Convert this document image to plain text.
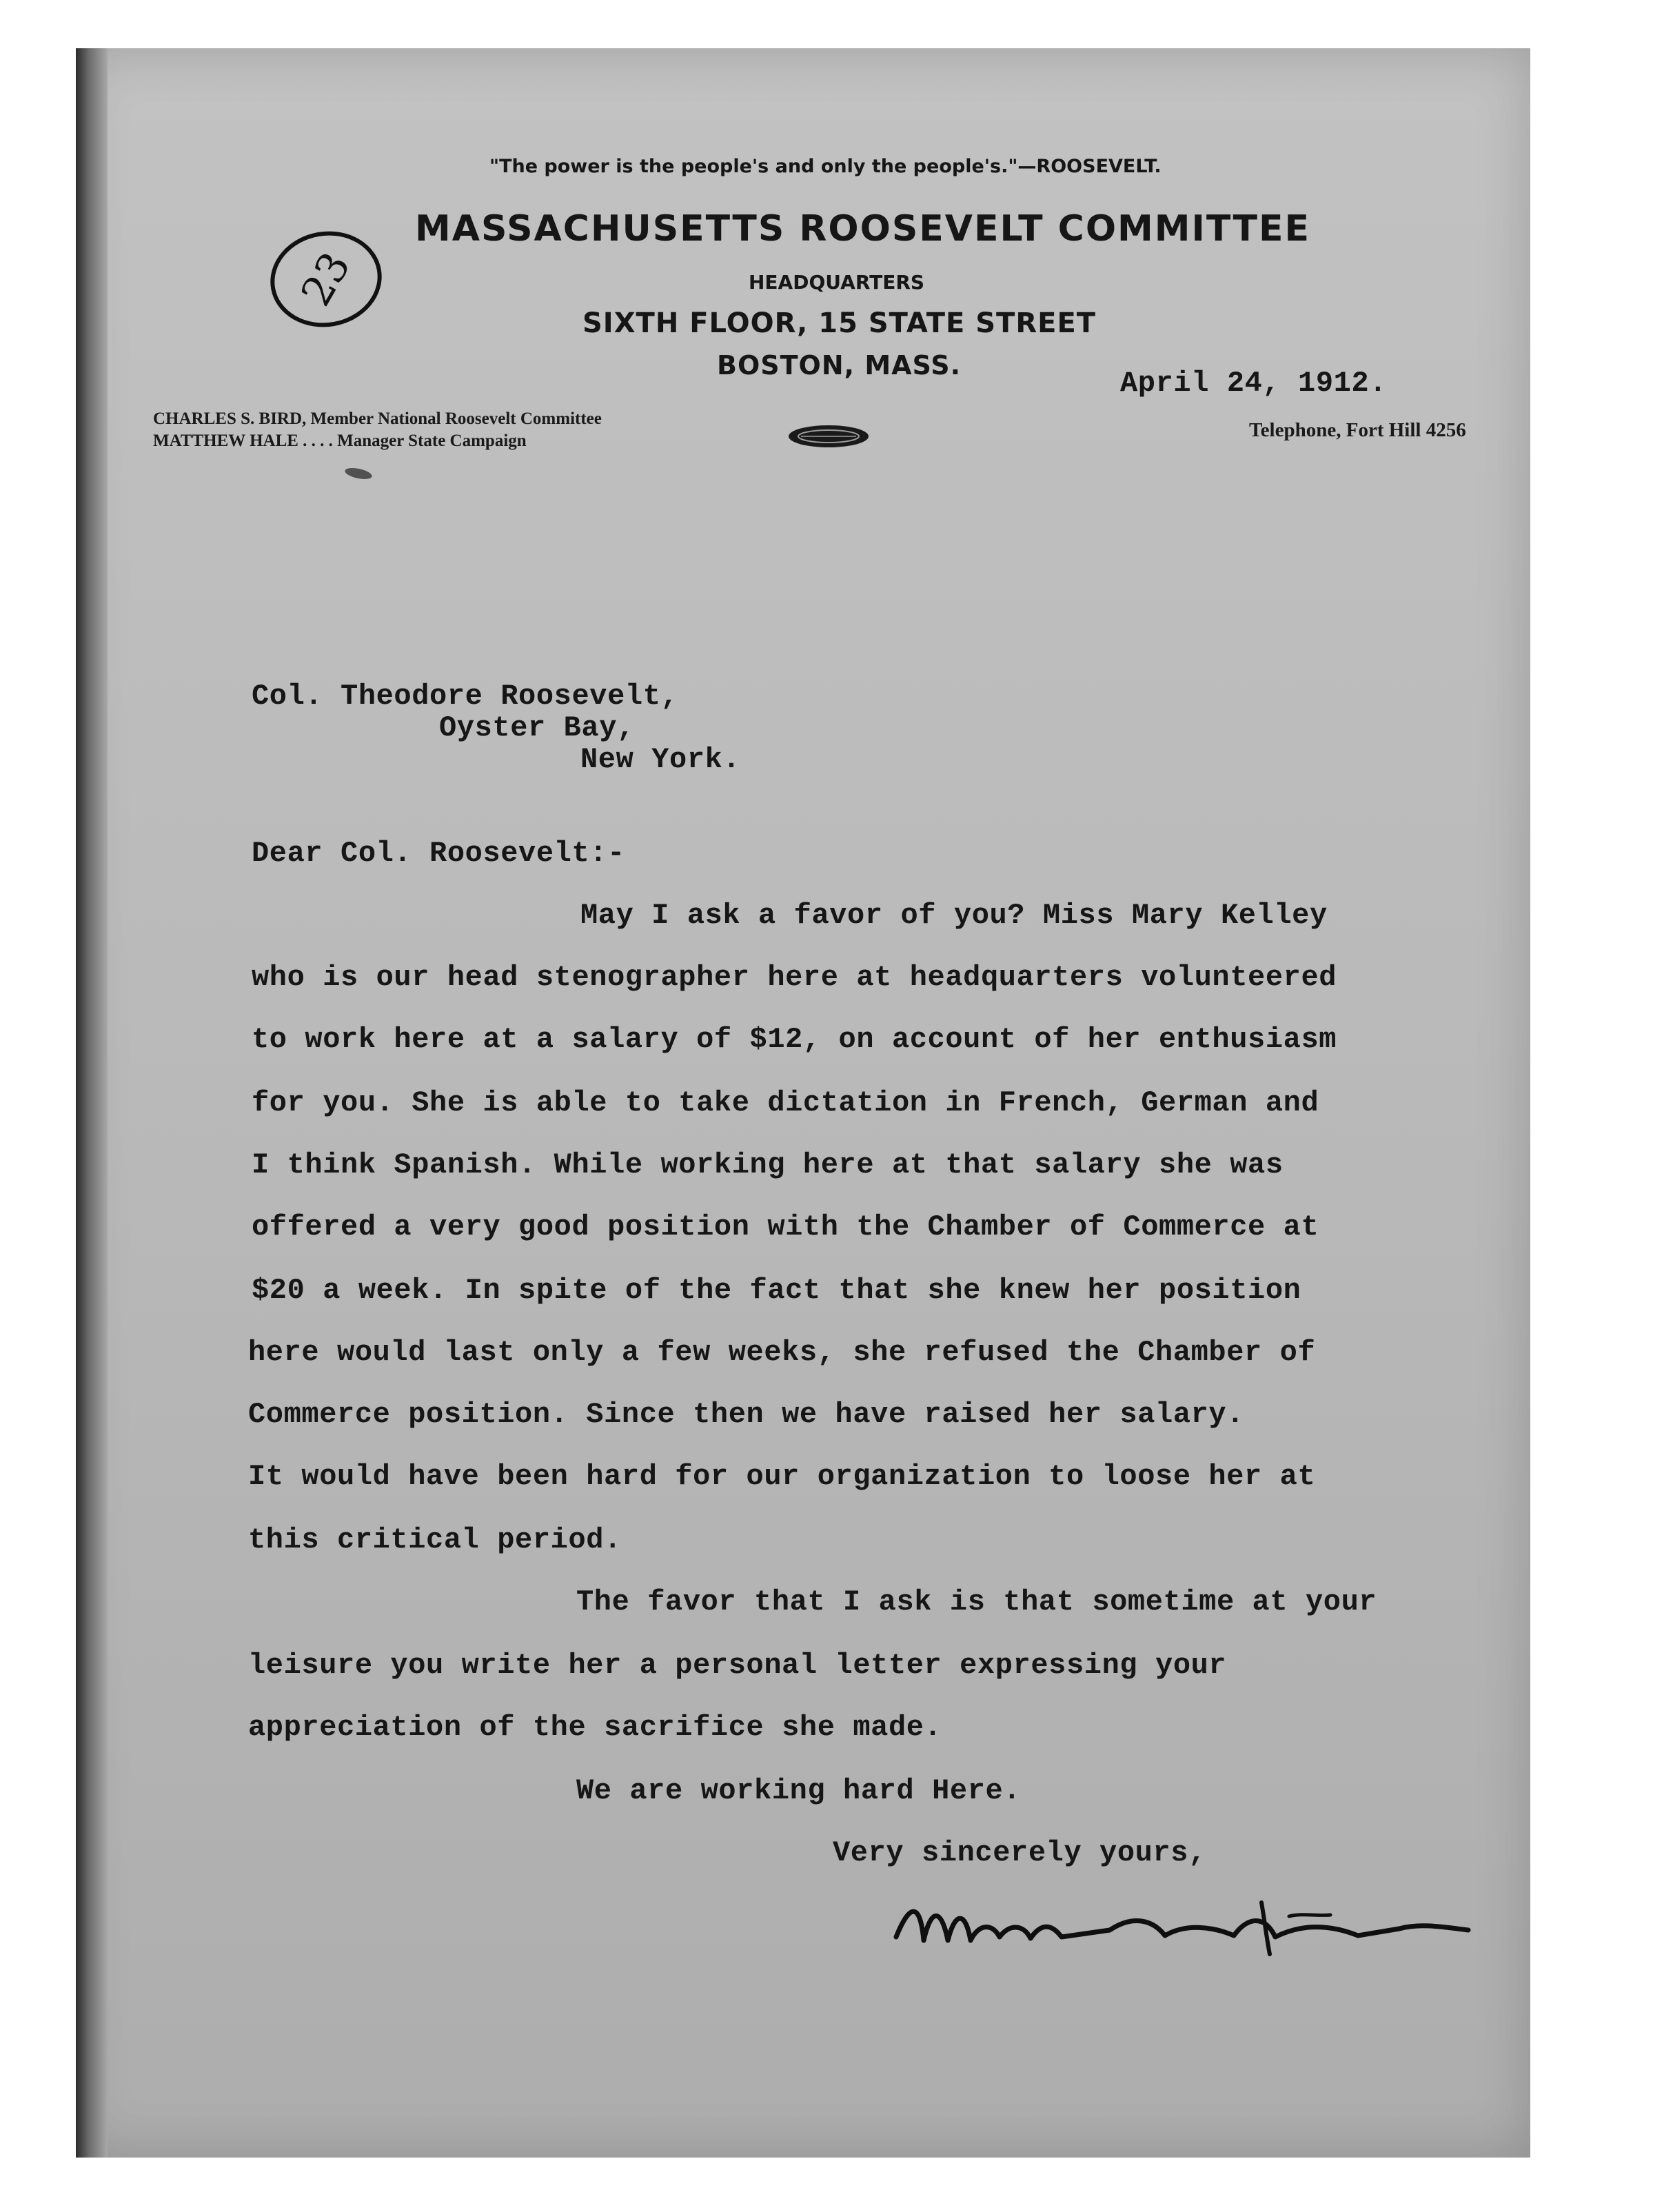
"The power is the people's and only the people's."—ROOSEVELT.
MASSACHUSETTS ROOSEVELT COMMITTEE
HEADQUARTERS
SIXTH FLOOR, 15 STATE STREET
BOSTON, MASS.
23
CHARLES S. BIRD, Member National Roosevelt Committee
MATTHEW HALE . . . . Manager State Campaign	Telephone, Fort Hill 4256
April 24, 1912.
Col. Theodore Roosevelt,
Oyster Bay,
New York.
Dear Col. Roosevelt:-
May I ask a favor of you? Miss Mary Kelley
who is our head stenographer here at headquarters volunteered
to work here at a salary of $12, on account of her enthusiasm
for you. She is able to take dictation in French, German and
I think Spanish. While working here at that salary she was
offered a very good position with the Chamber of Commerce at
$20 a week. In spite of the fact that she knew her position
here would last only a few weeks, she refused the Chamber of
Commerce position. Since then we have raised her salary.
It would have been hard for our organization to loose her at
this critical period.
The favor that I ask is that sometime at your
leisure you write her a personal letter expressing your
appreciation of the sacrifice she made.
We are working hard Here.
Very sincerely yours,
